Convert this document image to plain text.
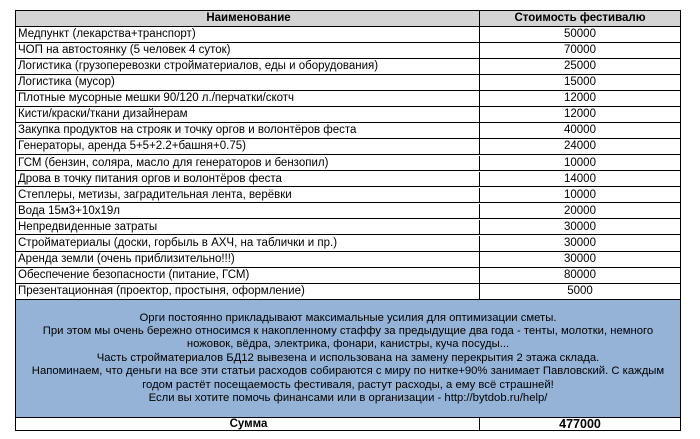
Наименование	Стоимость фестивалю
Медпункт (лекарства+транспорт)	50000
ЧОП на автостоянку (5 человек 4 суток)	70000
Логистика (грузоперевозки стройматериалов, еды и оборудования)	25000
Логистика (мусор)	15000
Плотные мусорные мешки 90/120 л./перчатки/скотч	12000
Кисти/краски/ткани дизайнерам	12000
Закупка продуктов на строяк и точку оргов и волонтёров феста	40000
Генераторы, аренда 5+5+2.2+башня+0.75)	24000
ГСМ (бензин, солярa, масло для генераторов и бензопил)	10000
Дрова в точку питания оргов и волонтёров феста	14000
Степлеры, метизы, заградительная лента, верёвки	10000
Вода 15м3+10х19л	20000
Непредвиденные затраты	30000
Стройматериалы (доски, горбыль в АХЧ, на таблички и пр.)	30000
Аренда земли (очень приблизительно!!!)	30000
Обеспечение безопасности (питание, ГСМ)	80000
Презентационная (проектор, простыня, оформление)	5000
Орги постоянно прикладывают максимальные усилия для оптимизации сметы.
При этом мы очень бережно относимся к накопленному стаффу за предыдущие два года - тенты, молотки, немного
ножовок, вёдра, электрика, фонари, канистры, куча посуды...
Часть стройматериалов БД12 вывезена и использована на замену перекрытия 2 этажа склада.
Напоминаем, что деньги на все эти статьи расходов собираются с миру по нитке+90% занимает Павловский. С каждым
годом растёт посещаемость фестиваля, растут расходы, а ему всё страшней!
Если вы хотите помочь финансами или в организации - http://bytdob.ru/help/
Сумма	477000
